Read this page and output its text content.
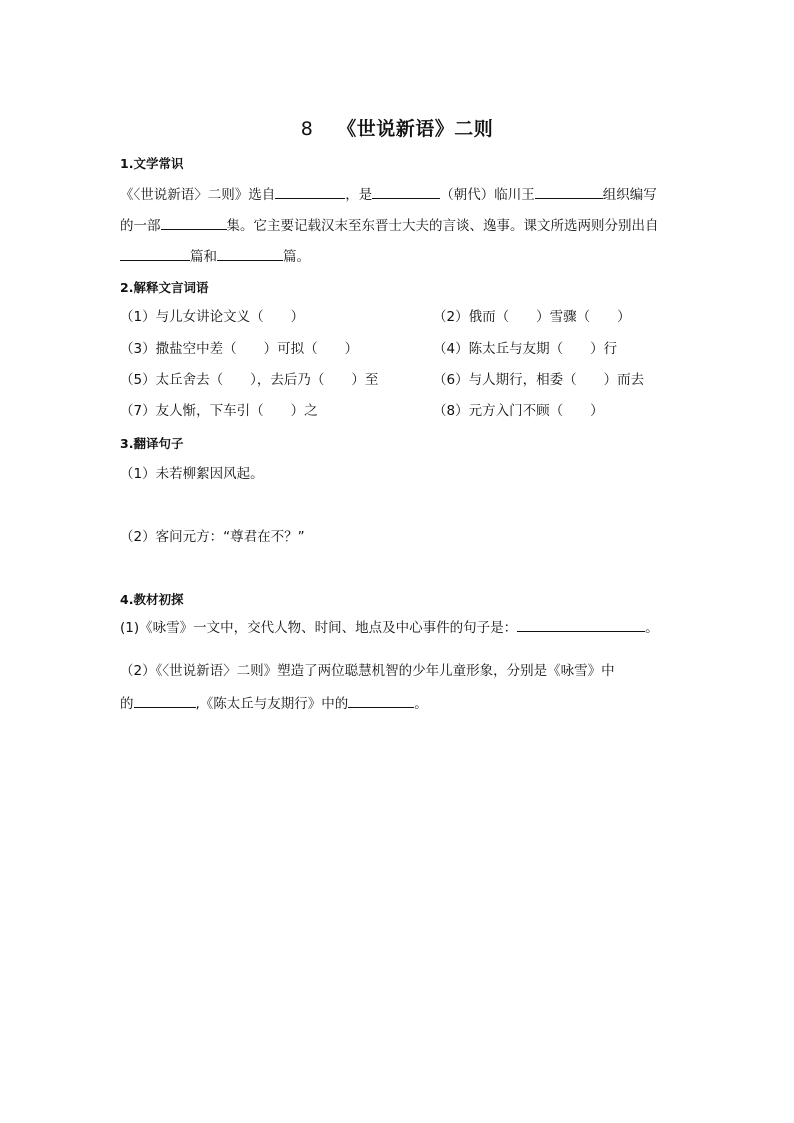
8 《世说新语》二则
1.文学常识
《〈世说新语〉二则》选自	，是	（朝代）临川王	组织编写
的一部	集。它主要记载汉末至东晋士大夫的言谈、逸事。课文所选两则分别出自
篇和	篇。
2.解释文言词语
（1）与儿女讲论文义（　　）	（2）俄而（　　）雪骤（　　）
（3）撒盐空中差（　　）可拟（　　）	（4）陈太丘与友期（　　）行
（5）太丘舍去（　　），去后乃（　　）至	（6）与人期行，相委（　　）而去
（7）友人惭，下车引（　　）之	（8）元方入门不顾（　　）
3.翻译句子
（1）未若柳絮因风起。
（2）客问元方：“尊君在不？”
4.教材初探
(1)《咏雪》一文中，交代人物、时间、地点及中心事件的句子是：	。
（2）《〈世说新语〉二则》塑造了两位聪慧机智的少年儿童形象，分别是《咏雪》中
的	,《陈太丘与友期行》中的	。
